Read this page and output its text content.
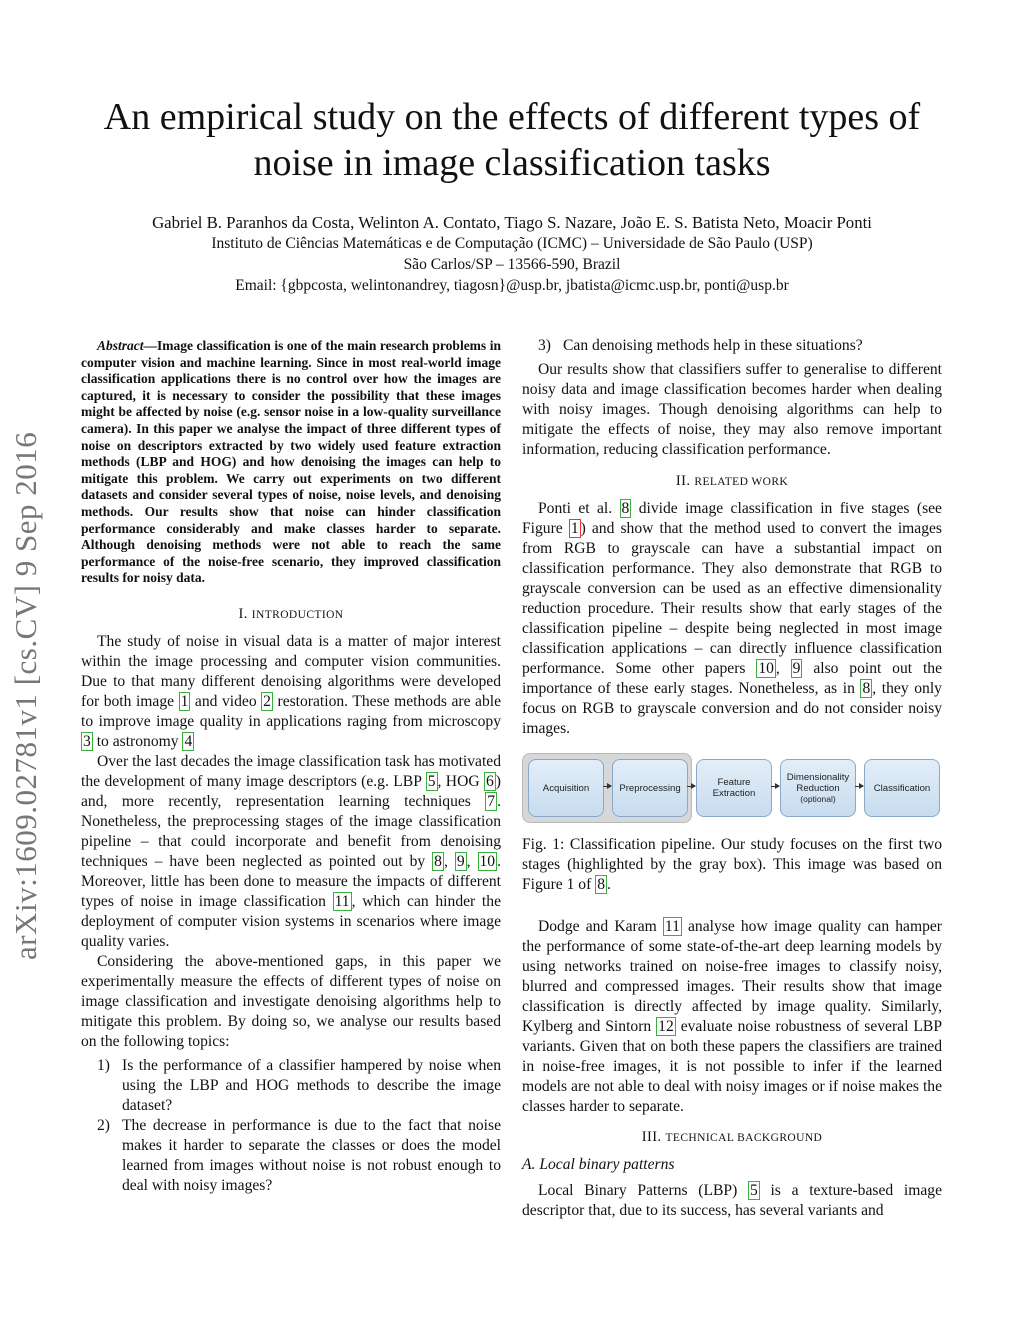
arXiv:1609.02781v1 [cs.CV] 9 Sep 2016
An empirical study on the effects of different types of noise in image classification tasks
Gabriel B. Paranhos da Costa, Welinton A. Contato, Tiago S. Nazare, João E. S. Batista Neto, Moacir Ponti
Instituto de Ciências Matemáticas e de Computação (ICMC) – Universidade de São Paulo (USP)
São Carlos/SP – 13566-590, Brazil
Email: {gbpcosta, welintonandrey, tiagosn}@usp.br, jbatista@icmc.usp.br, ponti@usp.br

Abstract—Image classification is one of the main research problems in computer vision and machine learning. Since in most real-world image classification applications there is no control over how the images are captured, it is necessary to consider the possibility that these images might be affected by noise (e.g. sensor noise in a low-quality surveillance camera). In this paper we analyse the impact of three different types of noise on descriptors extracted by two widely used feature extraction methods (LBP and HOG) and how denoising the images can help to mitigate this problem. We carry out experiments on two different datasets and consider several types of noise, noise levels, and denoising methods. Our results show that noise can hinder classification performance considerably and make classes harder to separate. Although denoising methods were not able to reach the same performance of the noise-free scenario, they improved classification results for noisy data.

I. INTRODUCTION

The study of noise in visual data is a matter of major interest within the image processing and computer vision communities. Due to that many different denoising algorithms were developed for both image 1 and video 2 restoration. These methods are able to improve image quality in applications raging from microscopy 3 to astronomy 4

Over the last decades the image classification task has motivated the development of many image descriptors (e.g. LBP 5 , HOG 6 ) and, more recently, representation learning techniques 7 . Nonetheless, the preprocessing stages of the image classification pipeline – that could incorporate and benefit from denoising techniques – have been neglected as pointed out by 8 , 9 , 10 . Moreover, little has been done to measure the impacts of different types of noise in image classification 11 , which can hinder the deployment of computer vision systems in scenarios where image quality varies.

Considering the above-mentioned gaps, in this paper we experimentally measure the effects of different types of noise on image classification and investigate denoising algorithms help to mitigate this problem. By doing so, we analyse our results based on the following topics:

1) Is the performance of a classifier hampered by noise when using the LBP and HOG methods to describe the image dataset?
2) The decrease in performance is due to the fact that noise makes it harder to separate the classes or does the model learned from images without noise is not robust enough to deal with noisy images?
3) Can denoising methods help in these situations?

Our results show that classifiers suffer to generalise to different noisy data and image classification becomes harder when dealing with noisy images. Though denoising algorithms can help to mitigate the effects of noise, they may also remove important information, reducing classification performance.

II. RELATED WORK

Ponti et al. 8 divide image classification in five stages (see Figure 1 ) and show that the method used to convert the images from RGB to grayscale can have a substantial impact on classification performance. They also demonstrate that RGB to grayscale conversion can be used as an effective dimensionality reduction procedure. Their results show that early stages of the classification pipeline – despite being neglected in most image classification applications – can directly influence classification performance. Some other papers 10 , 9 also point out the importance of these early stages. Nonetheless, as in 8 , they only focus on RGB to grayscale conversion and do not consider noisy images.

Acquisition	Preprocessing	Feature Extraction
Dimensionality Reduction
(optional)
Classification

Fig. 1: Classification pipeline. Our study focuses on the first two stages (highlighted by the gray box). This image was based on Figure 1 of 8 .

Dodge and Karam 11 analyse how image quality can hamper the performance of some state-of-the-art deep learning models by using networks trained on noise-free images to classify noisy, blurred and compressed images. Their results show that image classification is directly affected by image quality. Similarly, Kylberg and Sintorn 12 evaluate noise robustness of several LBP variants. Given that on both these papers the classifiers are trained in noise-free images, it is not possible to infer if the learned models are not able to deal with noisy images or if noise makes the classes harder to separate.

III. TECHNICAL BACKGROUND
A. Local binary patterns

Local Binary Patterns (LBP) 5 is a texture-based image descriptor that, due to its success, has several variants and
